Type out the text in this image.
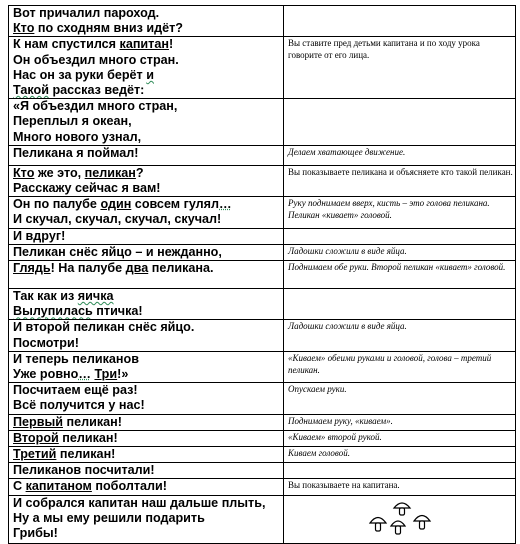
Вот причалил пароход.
Кто по сходням вниз идёт?	

К нам спустился капитан!
Он объездил много стран.
Нас он за руки берёт и
Такой рассказ ведёт:	Вы ставите пред детьми капитана и по ходу урока говорите от его лица.

«Я объездил много стран,
Переплыл я океан,
Много нового узнал,	

Пеликана я поймал!	Делаем хватающее движение.

Кто же это, пеликан?
Расскажу сейчас я вам!	Вы показываете пеликана и объясняете кто такой пеликан.

Он по палубе один совсем гулял…
И скучал, скучал, скучал, скучал!	Руку поднимаем вверх, кисть – это голова пеликана. Пеликан «кивает» головой.

И вдруг!	

Пеликан снёс яйцо – и нежданно,	Ладошки сложили в виде яйца.

Глядь! На палубе два пеликана.	Поднимаем обе руки. Второй пеликан «кивает» головой.

Так как из яичка
Вылупилась птичка!	

И второй пеликан снёс яйцо.
Посмотри!	Ладошки сложили в виде яйца.

И теперь пеликанов
Уже ровно… Три!»	«Киваем» обеими руками и головой, голова – третий пеликан.

Посчитаем ещё раз!
Всё получится у нас!	Опускаем руки.

Первый пеликан!	Поднимаем руку, «киваем».

Второй пеликан!	«Киваем» второй рукой.

Третий пеликан!	Киваем головой.

Пеликанов посчитали!	

С капитаном поболтали!	Вы показываете на капитана.

И собрался капитан наш дальше плыть,
Ну а мы ему решили подарить
Грибы!
